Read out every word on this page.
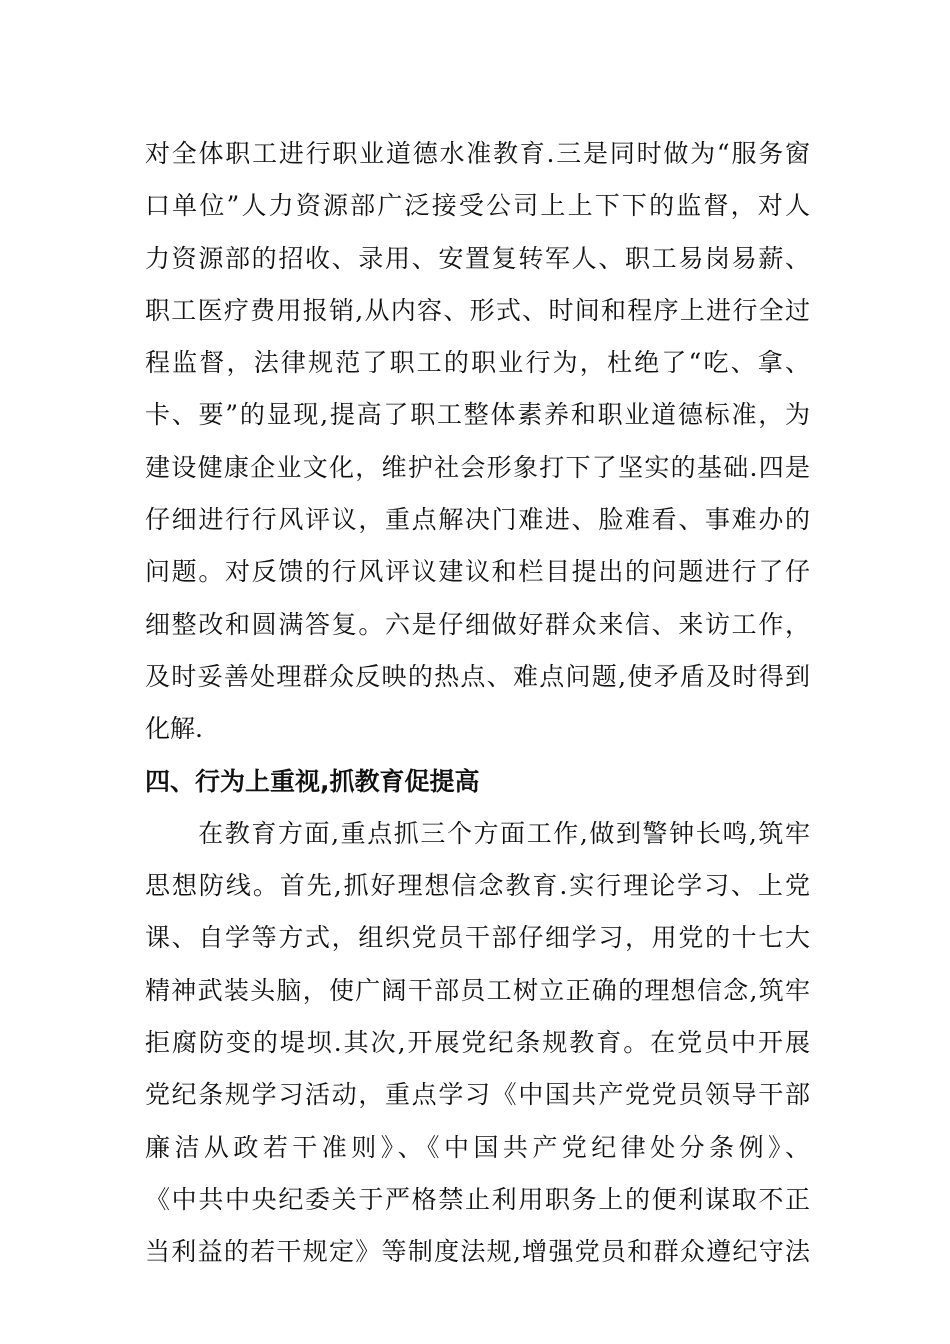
对全体职工进行职业道德水准教育.三是同时做为“服务窗
口单位”人力资源部广泛接受公司上上下下的监督，对人
力资源部的招收、录用、安置复转军人、职工易岗易薪、
职工医疗费用报销,从内容、形式、时间和程序上进行全过
程监督，法律规范了职工的职业行为，杜绝了“吃、拿、
卡、要”的显现,提高了职工整体素养和职业道德标准，为
建设健康企业文化，维护社会形象打下了坚实的基础.四是
仔细进行行风评议，重点解决门难进、脸难看、事难办的
问题。对反馈的行风评议建议和栏目提出的问题进行了仔
细整改和圆满答复。六是仔细做好群众来信、来访工作，
及时妥善处理群众反映的热点、难点问题,使矛盾及时得到
化解.
四、行为上重视,抓教育促提高
　　在教育方面,重点抓三个方面工作,做到警钟长鸣,筑牢
思想防线。首先,抓好理想信念教育.实行理论学习、上党
课、自学等方式，组织党员干部仔细学习，用党的十七大
精神武装头脑，使广阔干部员工树立正确的理想信念,筑牢
拒腐防变的堤坝.其次,开展党纪条规教育。在党员中开展
党纪条规学习活动，重点学习《中国共产党党员领导干部
廉洁从政若干准则》、《中国共产党纪律处分条例》、
《中共中央纪委关于严格禁止利用职务上的便利谋取不正
当利益的若干规定》等制度法规,增强党员和群众遵纪守法
